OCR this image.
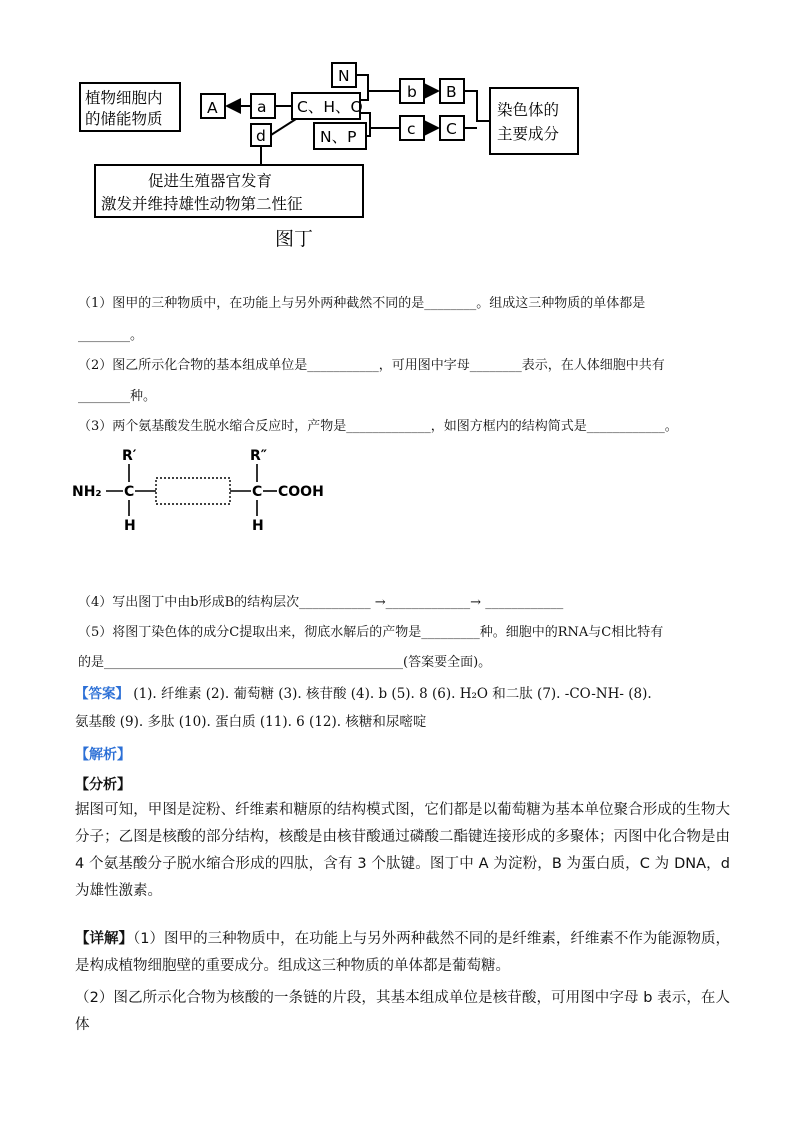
植物细胞内
的储能物质
A	a C、H、O
N
N、P
b B
c C
d
染色体的
主要成分
促进生殖器官发育
激发并维持雄性动物第二性征
图丁
（1）图甲的三种物质中，在功能上与另外两种截然不同的是________。组成这三种物质的单体都是
________。
（2）图乙所示化合物的基本组成单位是___________，可用图中字母________表示，在人体细胞中共有
________种。
（3）两个氨基酸发生脱水缩合反应时，产物是_____________，如图方框内的结构简式是____________。
R′	R″
NH₂ C	C COOH
H	H
（4）写出图丁中由b形成B的结构层次___________ →_____________→ ____________
（5）将图丁染色体的成分C提取出来，彻底水解后的产物是_________种。细胞中的RNA与C相比特有
的是______________________________________________(答案要全面)。
【答案】 (1). 纤维素 (2). 葡萄糖 (3). 核苷酸 (4). b (5). 8 (6). H₂O 和二肽 (7). -CO-NH- (8).
氨基酸 (9). 多肽 (10). 蛋白质 (11). 6 (12). 核糖和尿嘧啶
【解析】
【分析】
据图可知，甲图是淀粉、纤维素和糖原的结构模式图，它们都是以葡萄糖为基本单位聚合形成的生物大分子；乙图是核酸的部分结构，核酸是由核苷酸通过磷酸二酯键连接形成的多聚体；丙图中化合物是由 4 个氨基酸分子脱水缩合形成的四肽，含有 3 个肽键。图丁中 A 为淀粉，B 为蛋白质，C 为 DNA，d 为雄性激素。
【详解】（1）图甲的三种物质中，在功能上与另外两种截然不同的是纤维素，纤维素不作为能源物质，是构成植物细胞壁的重要成分。组成这三种物质的单体都是葡萄糖。
（2）图乙所示化合物为核酸的一条链的片段，其基本组成单位是核苷酸，可用图中字母 b 表示，在人体
